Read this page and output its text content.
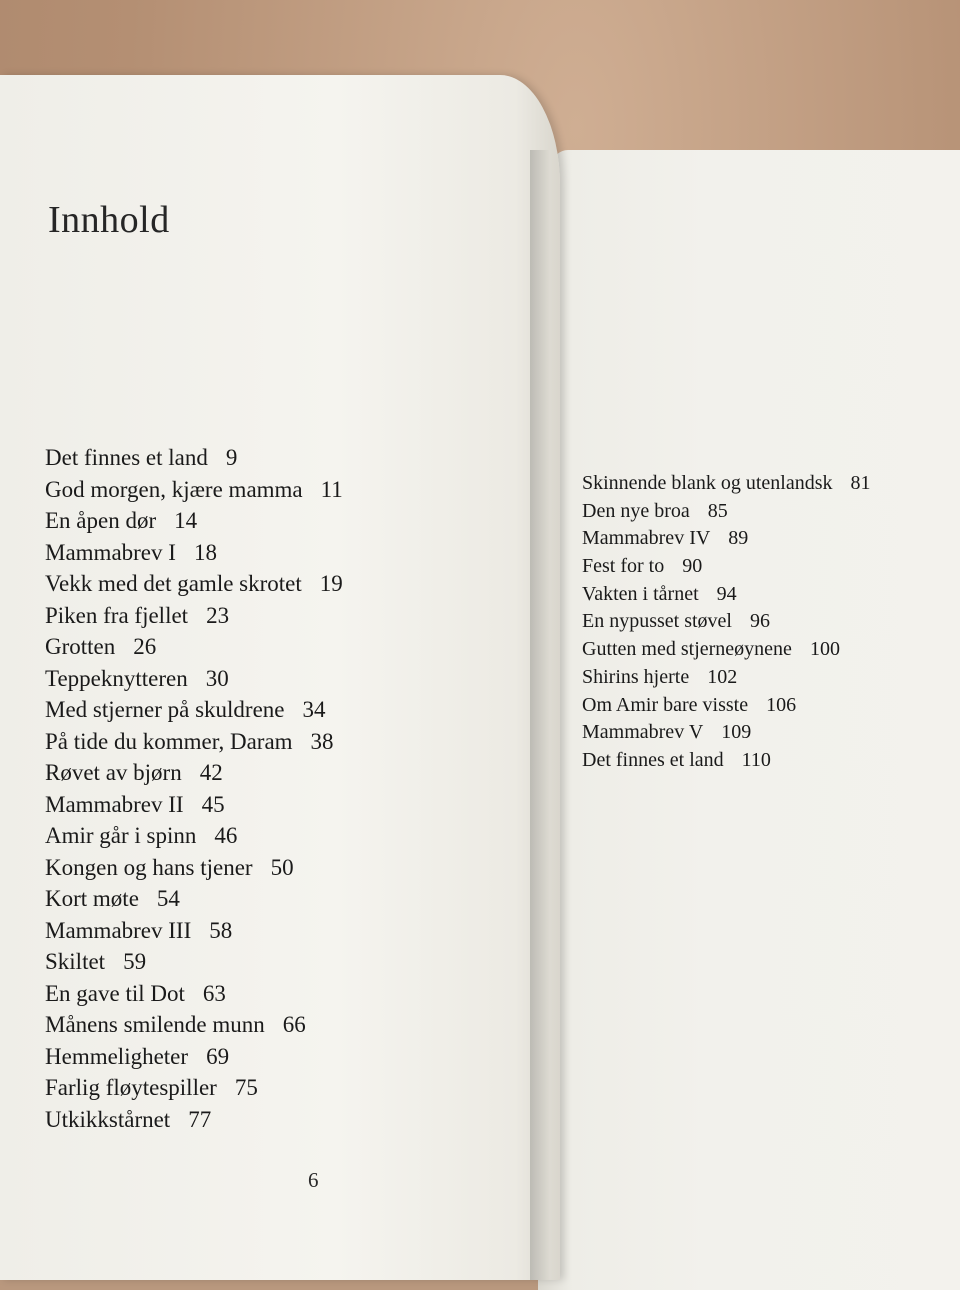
Innhold
Det finnes et land 9
God morgen, kjære mamma 11
En åpen dør 14
Mammabrev I 18
Vekk med det gamle skrotet 19
Piken fra fjellet 23
Grotten 26
Teppeknytteren 30
Med stjerner på skuldrene 34
På tide du kommer, Daram 38
Røvet av bjørn 42
Mammabrev II 45
Amir går i spinn 46
Kongen og hans tjener 50
Kort møte 54
Mammabrev III 58
Skiltet 59
En gave til Dot 63
Månens smilende munn 66
Hemmeligheter 69
Farlig fløytespiller 75
Utkikkstårnet 77
Skinnende blank og utenlandsk 81
Den nye broa 85
Mammabrev IV 89
Fest for to 90
Vakten i tårnet 94
En nypusset støvel 96
Gutten med stjerneøynene 100
Shirins hjerte 102
Om Amir bare visste 106
Mammabrev V 109
Det finnes et land 110
6
